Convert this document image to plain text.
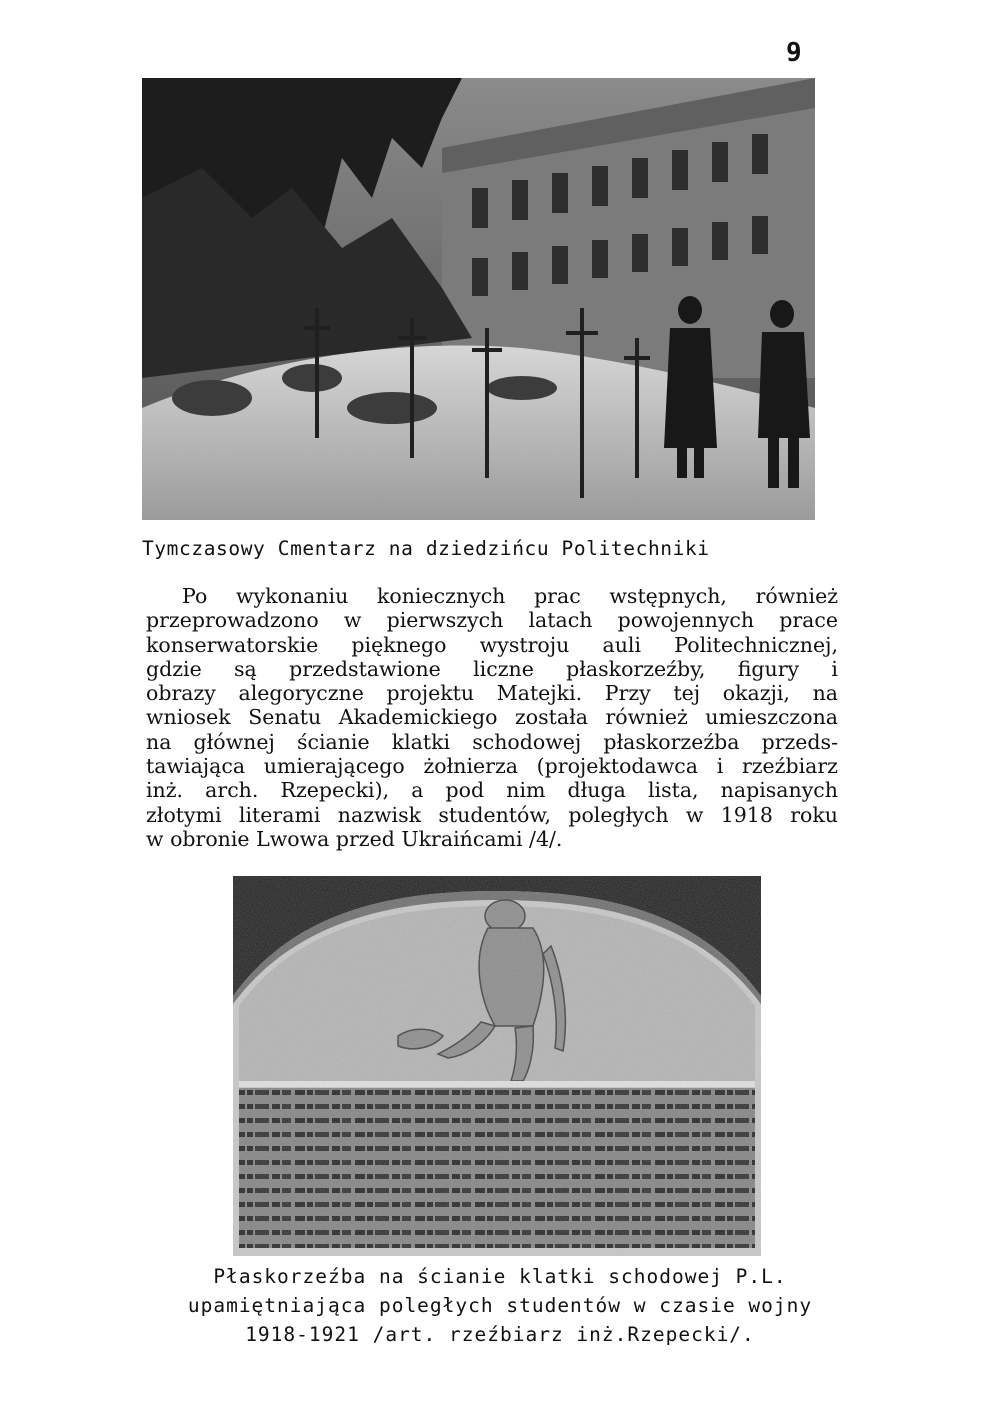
9
Tymczasowy Cmentarz na dziedzińcu Politechniki
Po wykonaniu koniecznych prac wstępnych, również
przeprowadzono w pierwszych latach powojennych prace
konserwatorskie pięknego wystroju auli Politechnicznej,
gdzie są przedstawione liczne płaskorzeźby, figury i
obrazy alegoryczne projektu Matejki. Przy tej okazji, na
wniosek Senatu Akademickiego została również umieszczona
na głównej ścianie klatki schodowej płaskorzeźba przeds-
tawiająca umierającego żołnierza (projektodawca i rzeźbiarz
inż. arch. Rzepecki), a pod nim długa lista, napisanych
złotymi literami nazwisk studentów, poległych w 1918 roku
w obronie Lwowa przed Ukraińcami /4/.
Płaskorzeźba na ścianie klatki schodowej P.L.
upamiętniająca poległych studentów w czasie wojny
1918-1921 /art. rzeźbiarz inż.Rzepecki/.
